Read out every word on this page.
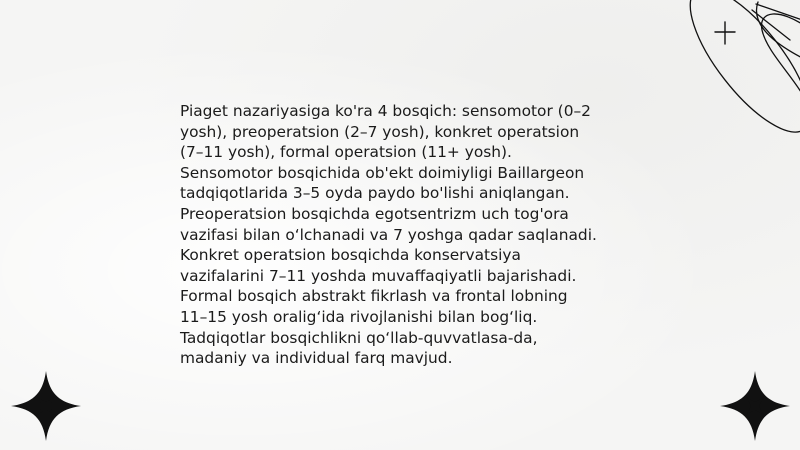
Piaget nazariyasiga ko'ra 4 bosqich: sensomotor (0–2
yosh), preoperatsion (2–7 yosh), konkret operatsion
(7–11 yosh), formal operatsion (11+ yosh).
Sensomotor bosqichida ob'ekt doimiyligi Baillargeon
tadqiqotlarida 3–5 oyda paydo bo'lishi aniqlangan.
Preoperatsion bosqichda egotsentrizm uch tog'ora
vazifasi bilan o‘lchanadi va 7 yoshga qadar saqlanadi.
Konkret operatsion bosqichda konservatsiya
vazifalarini 7–11 yoshda muvaffaqiyatli bajarishadi.
Formal bosqich abstrakt fikrlash va frontal lobning
11–15 yosh oralig‘ida rivojlanishi bilan bog‘liq.
Tadqiqotlar bosqichlikni qo‘llab-quvvatlasa-da,
madaniy va individual farq mavjud.
